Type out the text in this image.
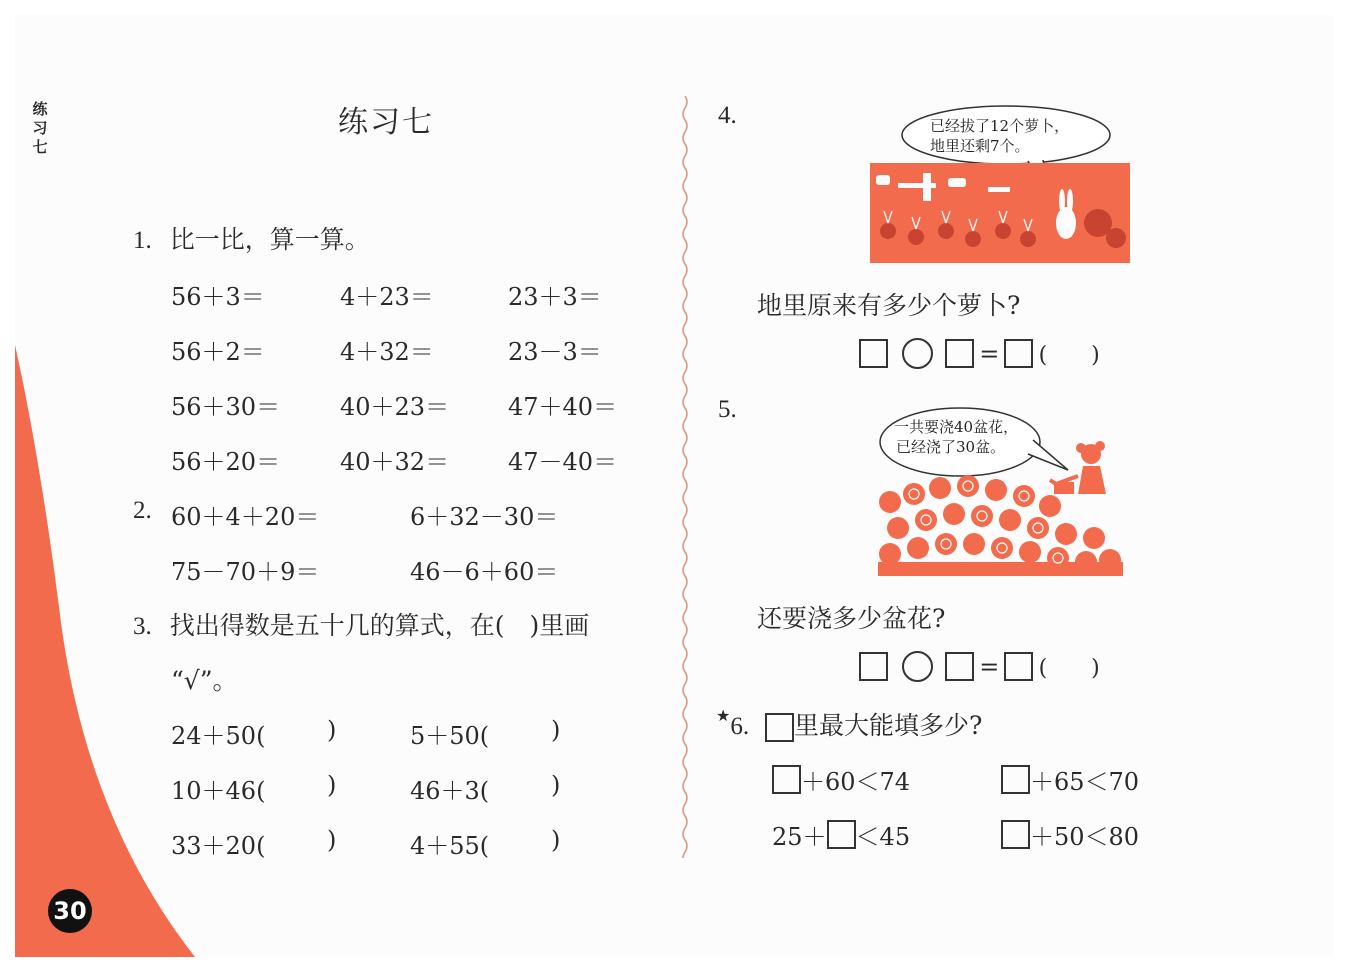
练习七
30
练习七
1. 比一比，算一算。
56＋3＝	4＋23＝	23＋3＝
56＋2＝	4＋32＝	23－3＝
56＋30＝ 40＋23＝ 47＋40＝
56＋20＝ 40＋32＝ 47－40＝
2. 60＋4＋20＝	6＋32－30＝
75－70＋9＝	46－6＋60＝
3. 找出得数是五十几的算式，在(　)里画
“√”。
24＋50(	)	5＋50(	)
10＋46(	)	46＋3(	)
33＋20(	)	4＋55(	)
4.	已经拔了12个萝卜，
地里还剩7个。
地里原来有多少个萝卜?
= (　　)
5.
一共要浇40盆花，
已经浇了30盆。
还要浇多少盆花?
= (　　)
★6. 里最大能填多少?
＋60＜74	＋65＜70
25＋ ＜45	＋50＜80
